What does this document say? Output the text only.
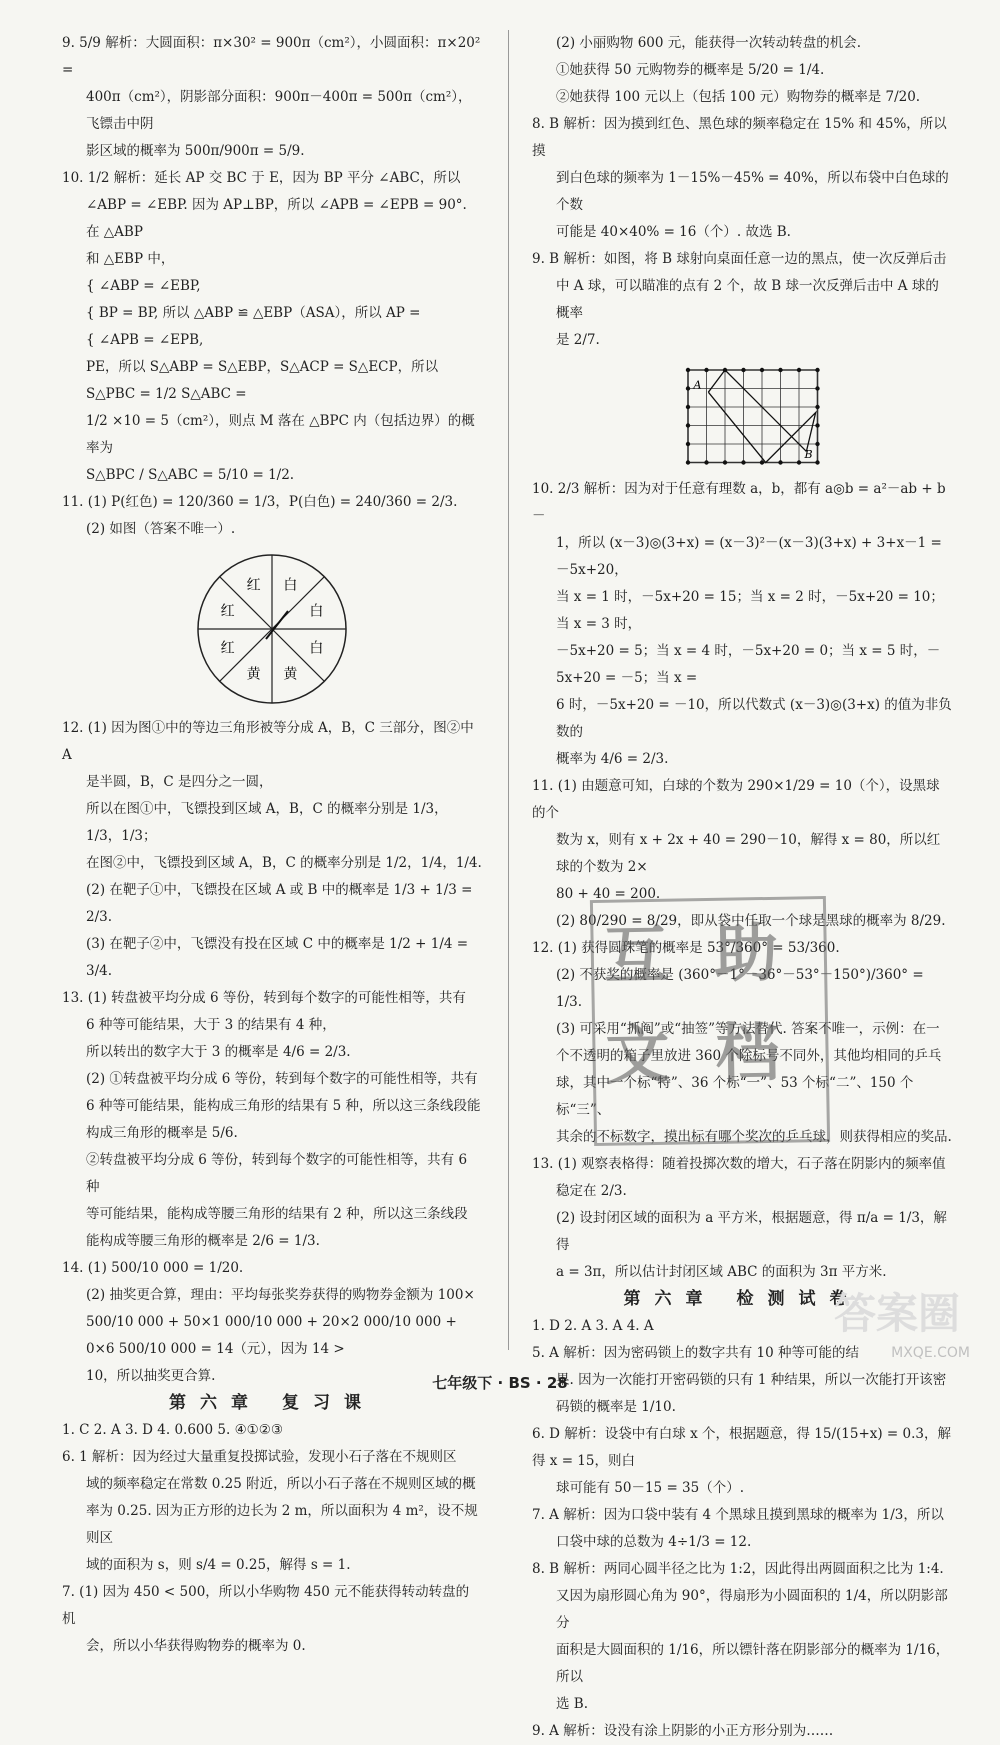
9. 5/9 解析：大圆面积：π×30² = 900π（cm²），小圆面积：π×20² =

400π（cm²），阴影部分面积：900π－400π = 500π（cm²），飞镖击中阴

影区域的概率为 500π/900π = 5/9.

10. 1/2 解析：延长 AP 交 BC 于 E，因为 BP 平分 ∠ABC，所以

∠ABP = ∠EBP. 因为 AP⊥BP，所以 ∠APB = ∠EPB = 90°. 在 △ABP

和 △EBP 中，

{ ∠ABP = ∠EBP,

{ BP = BP, 所以 △ABP ≌ △EBP（ASA），所以 AP =

{ ∠APB = ∠EPB,

PE，所以 S△ABP = S△EBP，S△ACP = S△ECP，所以 S△PBC = 1/2 S△ABC =

1/2 ×10 = 5（cm²），则点 M 落在 △BPC 内（包括边界）的概率为

S△BPC / S△ABC = 5/10 = 1/2.

11. (1) P(红色) = 120/360 = 1/3，P(白色) = 240/360 = 2/3.

(2) 如图（答案不唯一）.

红 白
红	白
红	白
黄 黄

12. (1) 因为图①中的等边三角形被等分成 A，B，C 三部分，图②中 A

是半圆，B，C 是四分之一圆，

所以在图①中，飞镖投到区域 A，B，C 的概率分别是 1/3，1/3，1/3；

在图②中，飞镖投到区域 A，B，C 的概率分别是 1/2，1/4，1/4.

(2) 在靶子①中，飞镖投在区域 A 或 B 中的概率是 1/3 + 1/3 = 2/3.

(3) 在靶子②中，飞镖没有投在区域 C 中的概率是 1/2 + 1/4 = 3/4.

13. (1) 转盘被平均分成 6 等份，转到每个数字的可能性相等，共有

6 种等可能结果，大于 3 的结果有 4 种，

所以转出的数字大于 3 的概率是 4/6 = 2/3.

(2) ①转盘被平均分成 6 等份，转到每个数字的可能性相等，共有

6 种等可能结果，能构成三角形的结果有 5 种，所以这三条线段能

构成三角形的概率是 5/6.

②转盘被平均分成 6 等份，转到每个数字的可能性相等，共有 6 种

等可能结果，能构成等腰三角形的结果有 2 种，所以这三条线段

能构成等腰三角形的概率是 2/6 = 1/3.

14. (1) 500/10 000 = 1/20.

(2) 抽奖更合算，理由：平均每张奖券获得的购物券金额为 100×

500/10 000 + 50×1 000/10 000 + 20×2 000/10 000 + 0×6 500/10 000 = 14（元），因为 14 >

10，所以抽奖更合算.

第六章 复习课

1. C 2. A 3. D 4. 0.600 5. ④①②③

6. 1 解析：因为经过大量重复投掷试验，发现小石子落在不规则区

域的频率稳定在常数 0.25 附近，所以小石子落在不规则区域的概

率为 0.25. 因为正方形的边长为 2 m，所以面积为 4 m²，设不规则区

域的面积为 s，则 s/4 = 0.25，解得 s = 1.

7. (1) 因为 450 < 500，所以小华购物 450 元不能获得转动转盘的机

会，所以小华获得购物券的概率为 0.

(2) 小丽购物 600 元，能获得一次转动转盘的机会.

①她获得 50 元购物券的概率是 5/20 = 1/4.

②她获得 100 元以上（包括 100 元）购物券的概率是 7/20.

8. B 解析：因为摸到红色、黑色球的频率稳定在 15% 和 45%，所以摸

到白色球的频率为 1－15%－45% = 40%，所以布袋中白色球的个数

可能是 40×40% = 16（个）. 故选 B.

9. B 解析：如图，将 B 球射向桌面任意一边的黑点，使一次反弹后击

中 A 球，可以瞄准的点有 2 个，故 B 球一次反弹后击中 A 球的概率

是 2/7.

A
B

10. 2/3 解析：因为对于任意有理数 a，b，都有 a◎b = a²－ab + b－

1，所以 (x－3)◎(3+x) = (x－3)²－(x－3)(3+x) + 3+x－1 = －5x+20，

当 x = 1 时，－5x+20 = 15；当 x = 2 时，－5x+20 = 10；当 x = 3 时，

－5x+20 = 5；当 x = 4 时，－5x+20 = 0；当 x = 5 时，－5x+20 = －5；当 x =

6 时，－5x+20 = －10，所以代数式 (x－3)◎(3+x) 的值为非负数的

概率为 4/6 = 2/3.

11. (1) 由题意可知，白球的个数为 290×1/29 = 10（个），设黑球的个

数为 x，则有 x + 2x + 40 = 290－10，解得 x = 80，所以红球的个数为 2×

80 + 40 = 200.

(2) 80/290 = 8/29，即从袋中任取一个球是黑球的概率为 8/29.

12. (1) 获得圆珠笔的概率是 53°/360° = 53/360.

(2) 不获奖的概率是 (360°－1°－36°－53°－150°)/360° = 1/3.

(3) 可采用“抓阄”或“抽签”等方法替代. 答案不唯一，示例：在一

个不透明的箱子里放进 360 个除标号不同外，其他均相同的乒乓

球，其中一个标“特”、36 个标“一”、53 个标“二”、150 个标“三”、

其余的不标数字，摸出标有哪个奖次的乒乓球，则获得相应的奖品.

13. (1) 观察表格得：随着投掷次数的增大，石子落在阴影内的频率值

稳定在 2/3.

(2) 设封闭区域的面积为 a 平方米，根据题意，得 π/a = 1/3，解得

a = 3π，所以估计封闭区域 ABC 的面积为 3π 平方米.

第六章 检测试卷

1. D 2. A 3. A 4. A

5. A 解析：因为密码锁上的数字共有 10 种等可能的结

果. 因为一次能打开密码锁的只有 1 种结果，所以一次能打开该密

码锁的概率是 1/10.

6. D 解析：设袋中有白球 x 个，根据题意，得 15/(15+x) = 0.3，解得 x = 15，则白

球可能有 50－15 = 35（个）.

7. A 解析：因为口袋中装有 4 个黑球且摸到黑球的概率为 1/3，所以

口袋中球的总数为 4÷1/3 = 12.

8. B 解析：两同心圆半径之比为 1:2，因此得出两圆面积之比为 1:4.

又因为扇形圆心角为 90°，得扇形为小圆面积的 1/4，所以阴影部分

面积是大圆面积的 1/16，所以镖针落在阴影部分的概率为 1/16，所以

选 B.

9. A 解析：设没有涂上阴影的小正方形分别为……

互 助
文 档
答案圈
MXQE.COM
七年级下 · BS · 28
